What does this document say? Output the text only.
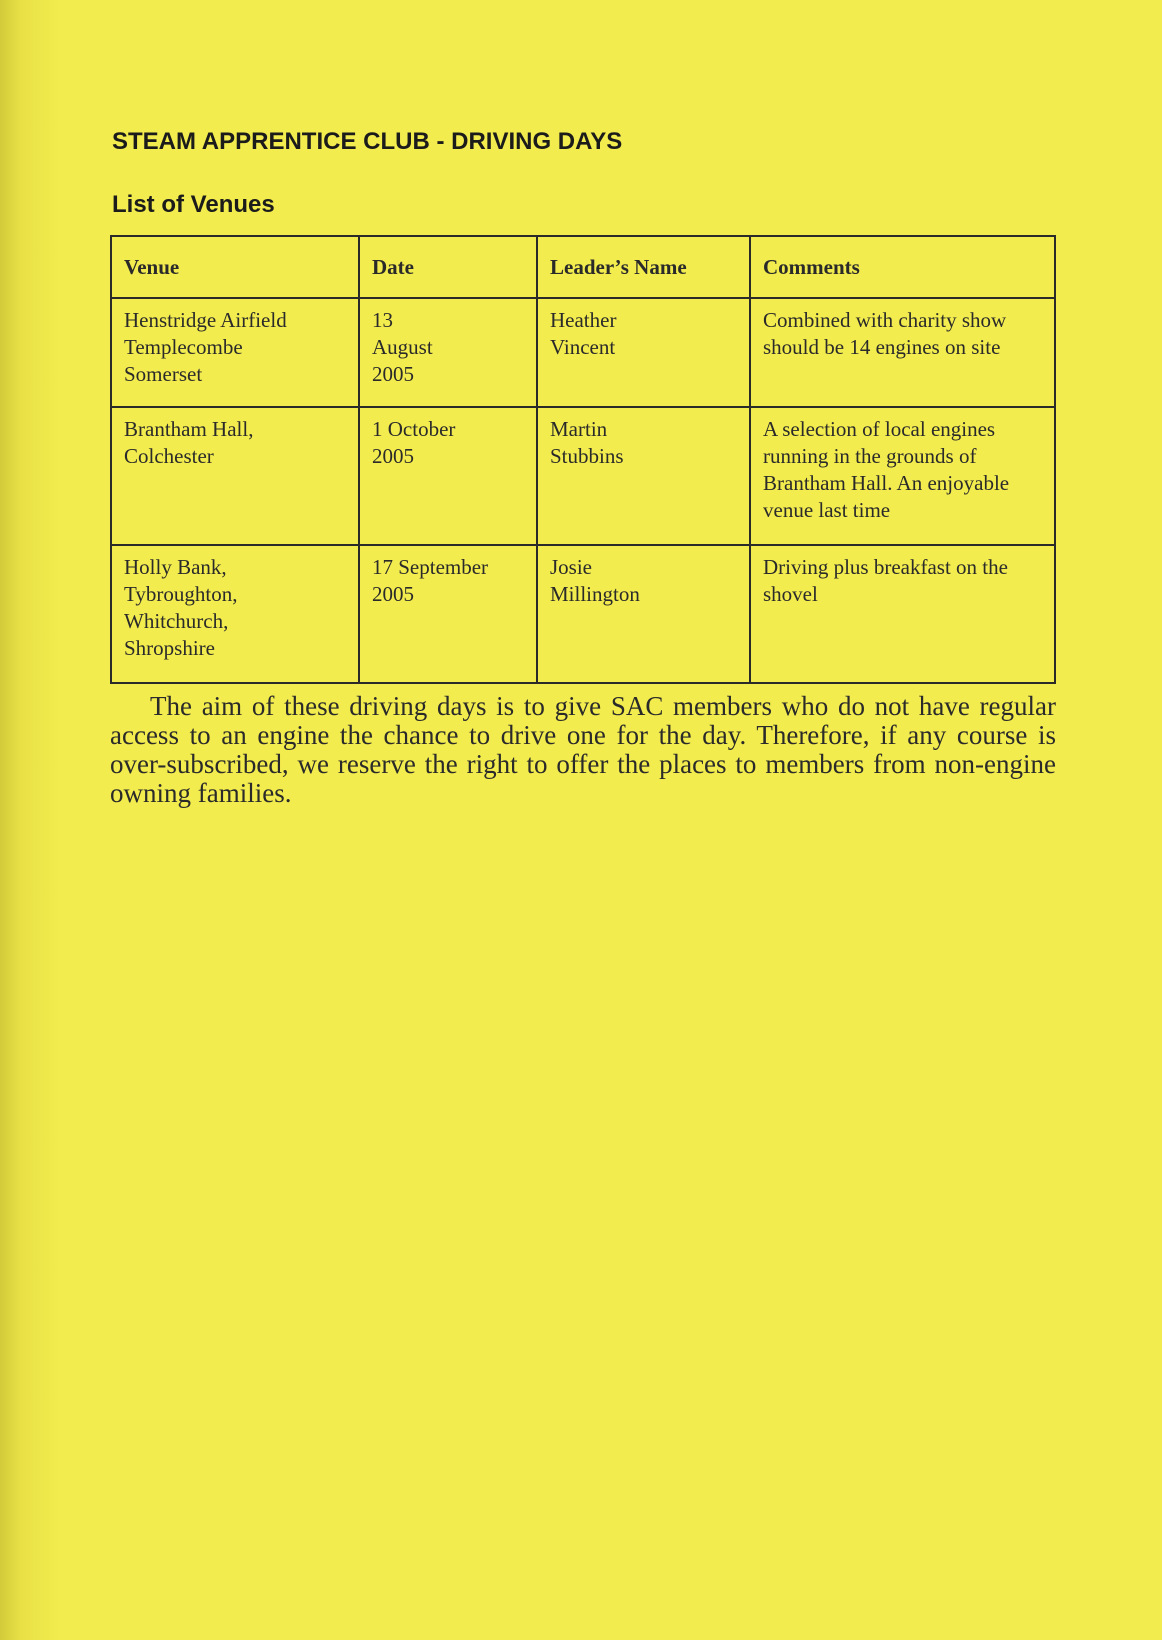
STEAM APPRENTICE CLUB - DRIVING DAYS
List of Venues
Venue	Date	Leader’s Name	Comments

Henstridge Airfield
Templecombe
Somerset	13
August
2005	Heather
Vincent	Combined with charity show
should be 14 engines on site

Brantham Hall,
Colchester	1 October
2005	Martin
Stubbins	A selection of local engines
running in the grounds of
Brantham Hall. An enjoyable
venue last time

Holly Bank,
Tybroughton,
Whitchurch,
Shropshire	17 September
2005	Josie
Millington	Driving plus breakfast on the
shovel

The aim of these driving days is to give SAC members who do not have regular access to an engine the chance to drive one for the day. Therefore, if any course is over-subscribed, we reserve the right to offer the places to members from non-engine owning families.
